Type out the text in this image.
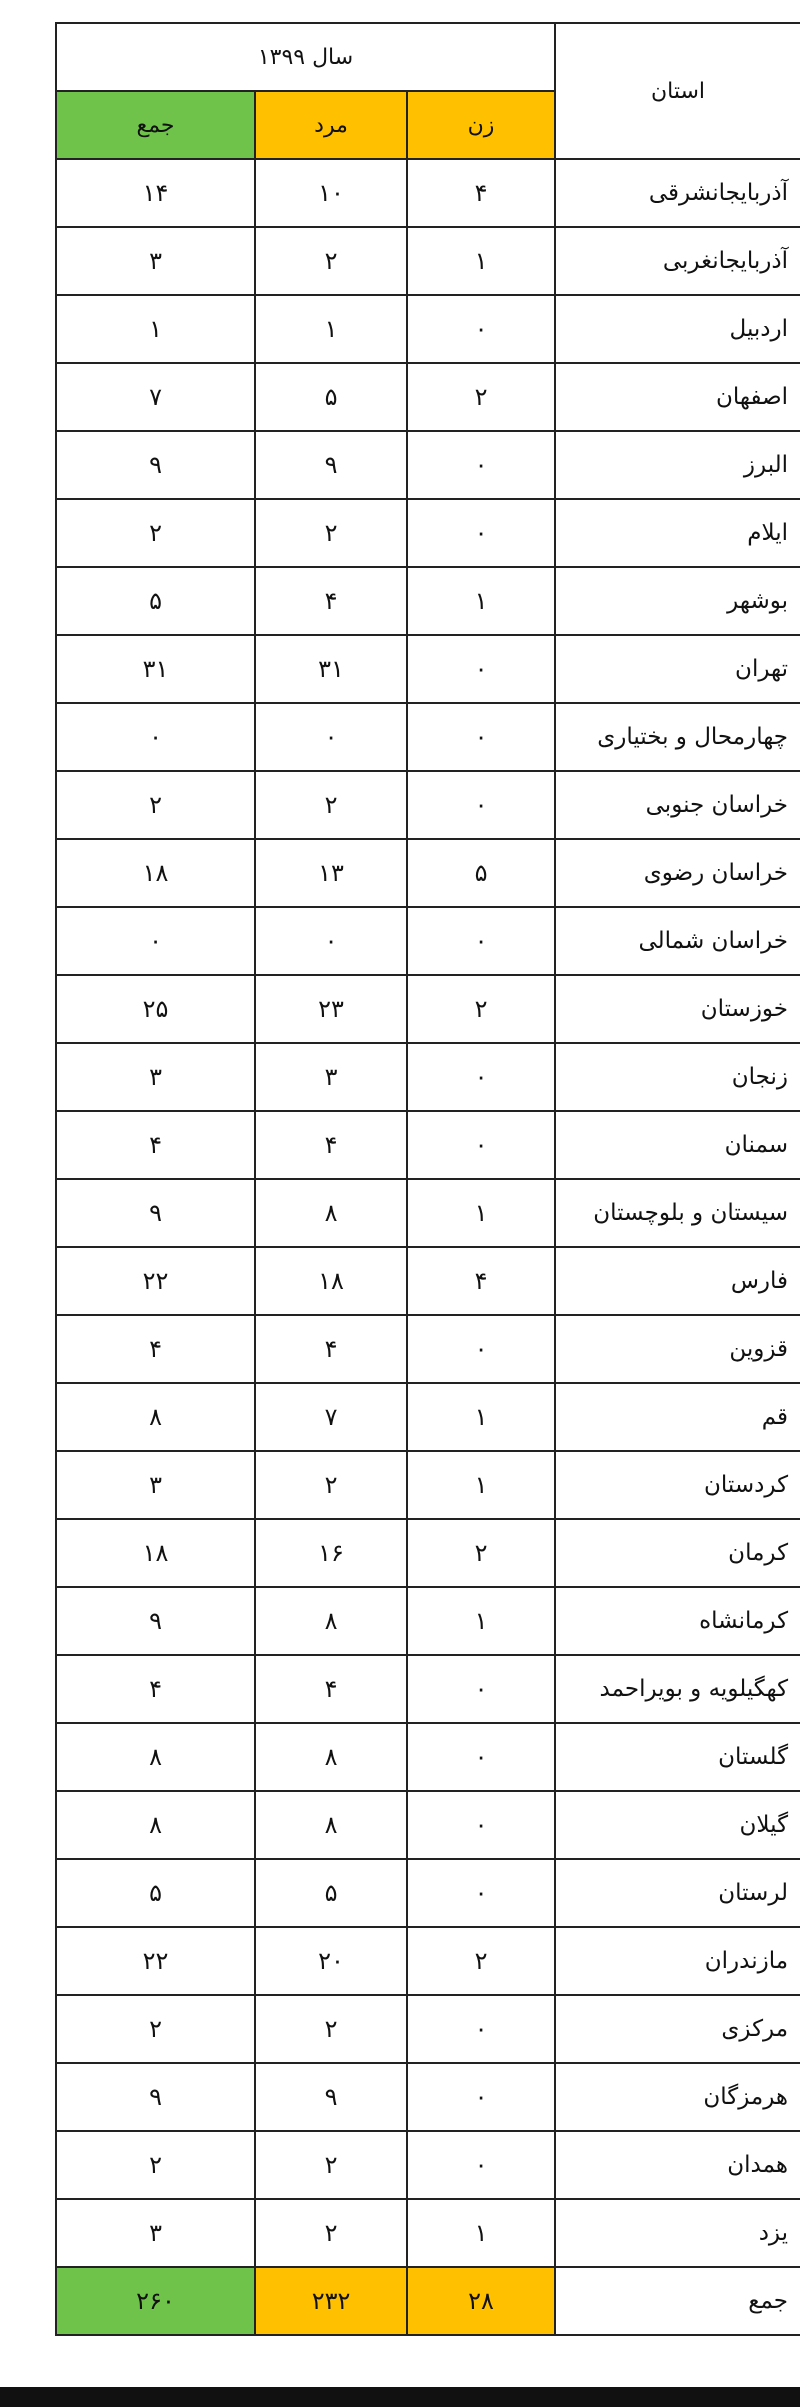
استان	سال ۱۳۹۹		
	زن	مرد	جمع
آذربایجانشرقی	۴	۱۰	۱۴
آذربایجانغربی	۱	۲	۳
اردبیل	۰	۱	۱
اصفهان	۲	۵	۷
البرز	۰	۹	۹
ایلام	۰	۲	۲
بوشهر	۱	۴	۵
تهران	۰	۳۱	۳۱
چهارمحال و بختیاری	۰	۰	۰
خراسان جنوبی	۰	۲	۲
خراسان رضوی	۵	۱۳	۱۸
خراسان شمالی	۰	۰	۰
خوزستان	۲	۲۳	۲۵
زنجان	۰	۳	۳
سمنان	۰	۴	۴
سیستان و بلوچستان	۱	۸	۹
فارس	۴	۱۸	۲۲
قزوین	۰	۴	۴
قم	۱	۷	۸
کردستان	۱	۲	۳
کرمان	۲	۱۶	۱۸
کرمانشاه	۱	۸	۹
کهگیلویه و بویراحمد	۰	۴	۴
گلستان	۰	۸	۸
گیلان	۰	۸	۸
لرستان	۰	۵	۵
مازندران	۲	۲۰	۲۲
مرکزی	۰	۲	۲
هرمزگان	۰	۹	۹
همدان	۰	۲	۲
یزد	۱	۲	۳
جمع	۲۸	۲۳۲	۲۶۰
